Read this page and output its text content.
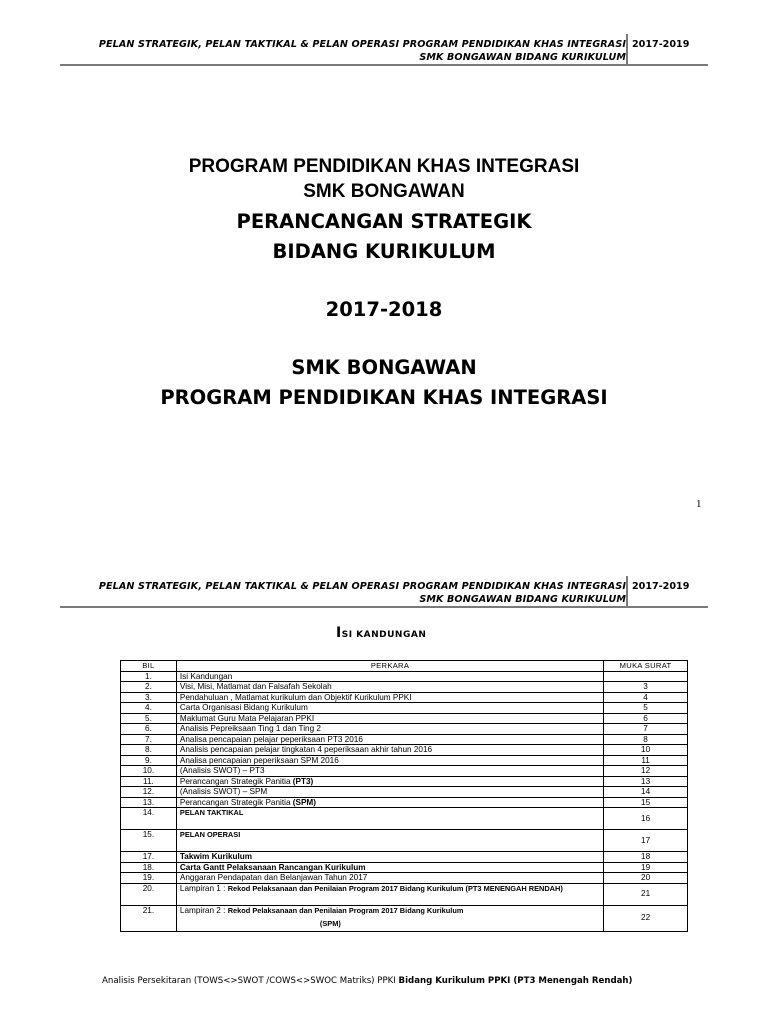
PELAN STRATEGIK, PELAN TAKTIKAL & PELAN OPERASI PROGRAM PENDIDIKAN KHAS INTEGRASI
SMK BONGAWAN BIDANG KURIKULUM
2017-2019
PROGRAM PENDIDIKAN KHAS INTEGRASI
SMK BONGAWAN
PERANCANGAN STRATEGIK
BIDANG KURIKULUM
2017-2018
SMK BONGAWAN
PROGRAM PENDIDIKAN KHAS INTEGRASI
1
PELAN STRATEGIK, PELAN TAKTIKAL & PELAN OPERASI PROGRAM PENDIDIKAN KHAS INTEGRASI
SMK BONGAWAN BIDANG KURIKULUM
2017-2019
ISI KANDUNGAN
BIL	PERKARA	MUKA SURAT
1.	Isi Kandungan	
2.	Visi, Misi, Matlamat dan Falsafah Sekolah	3
3.	Pendahuluan , Matlamat kurikulum dan Objektif Kurikulum PPKI	4
4.	Carta Organisasi Bidang Kurikulum	5
5.	Maklumat Guru Mata Pelajaran PPKI	6
6.	Analisis Pepreiksaan Ting 1 dan Ting 2	7
7.	Analisa pencapaian pelajar peperiksaan PT3 2016	8
8.	Analisis pencapaian pelajar tingkatan 4 peperiksaan akhir tahun 2016	10
9.	Analisa pencapaian peperiksaan SPM 2016	11
10.	(Analisis SWOT) – PT3	12
11.	Perancangan Strategik Panitia (PT3)	13
12.	(Analisis SWOT) – SPM	14
13.	Perancangan Strategik Panitia (SPM)	15
14.	PELAN TAKTIKAL	16
15.	PELAN OPERASI	17
17.	Takwim Kurikulum	18
18.	Carta Gantt Pelaksanaan Rancangan Kurikulum	19
19.	Anggaran Pendapatan dan Belanjawan Tahun 2017	20
20.	Lampiran 1 : Rekod Pelaksanaan dan Penilaian Program 2017 Bidang Kurikulum (PT3 MENENGAH RENDAH)	21
21.	Lampiran 2 : Rekod Pelaksanaan dan Penilaian Program 2017 Bidang Kurikulum
(SPM)	22
Analisis Persekitaran (TOWS<>SWOT /COWS<>SWOC Matriks) PPKI Bidang Kurikulum PPKI (PT3 Menengah Rendah)
